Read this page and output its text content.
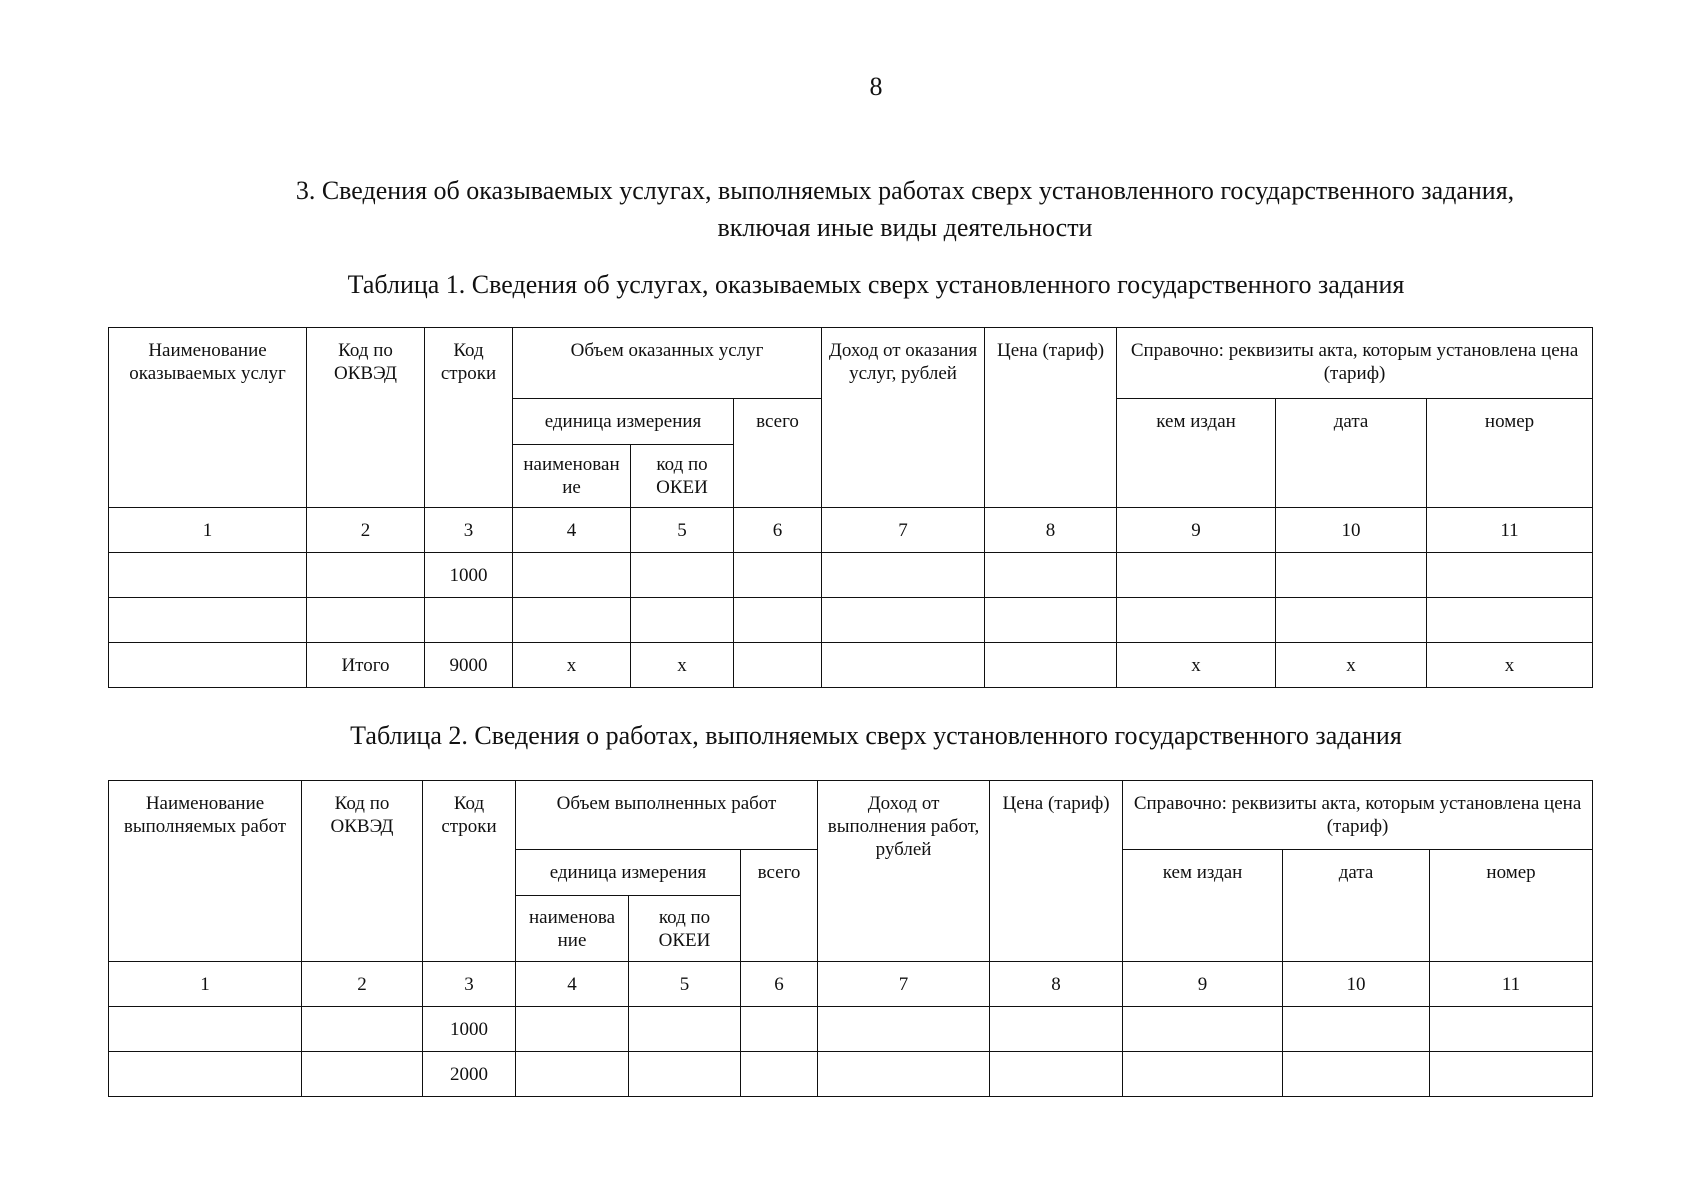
8
3. Сведения об оказываемых услугах, выполняемых работах сверх установленного государственного задания,
включая иные виды деятельности
Таблица 1. Сведения об услугах, оказываемых сверх установленного государственного задания
Наименование оказываемых услуг	Код по ОКВЭД	Код строки	Объем оказанных услуг			Доход от оказания услуг, рублей	Цена (тариф)	Справочно: реквизиты акта, которым установлена цена (тариф)		
			единица измерения		всего			кем издан	дата	номер
			наименован ие	код по ОКЕИ						
1	2	3	4	5	6	7	8	9	10	11
		1000								

	Итого	9000	х	х				х	х	х
Таблица 2. Сведения о работах, выполняемых сверх установленного государственного задания
Наименование выполняемых работ	Код по ОКВЭД	Код строки	Объем выполненных работ			Доход от выполнения работ, рублей	Цена (тариф)	Справочно: реквизиты акта, которым установлена цена (тариф)		
			единица измерения		всего			кем издан	дата	номер
			наименова ние	код по ОКЕИ						
1	2	3	4	5	6	7	8	9	10	11
		1000								
		2000								
